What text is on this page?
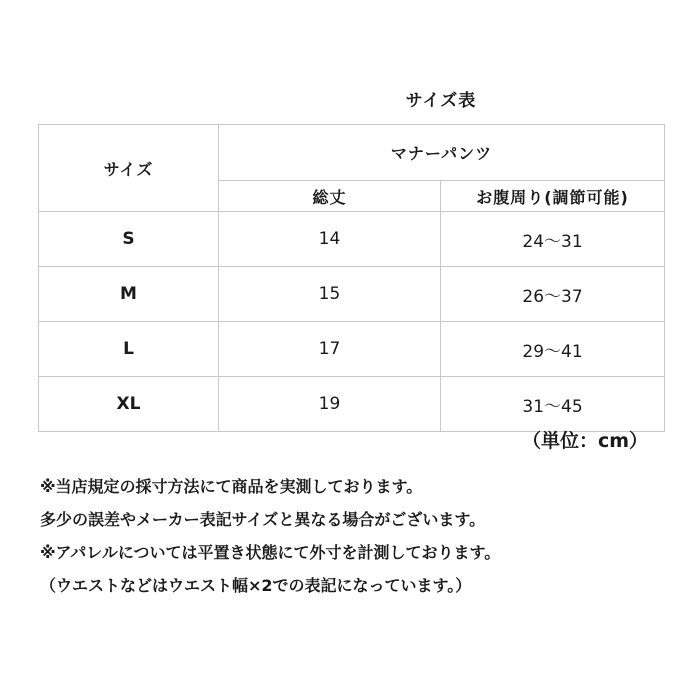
サイズ表
サイズ	マナーパンツ	
	総丈	お腹周り(調節可能)
S	14	24～31
M	15	26～37
L	17	29～41
XL	19	31～45
（単位：cm）
※当店規定の採寸方法にて商品を実測しております。
多少の誤差やメーカー表記サイズと異なる場合がございます。
※アパレルについては平置き状態にて外寸を計測しております。
（ウエストなどはウエスト幅×2での表記になっています。）
